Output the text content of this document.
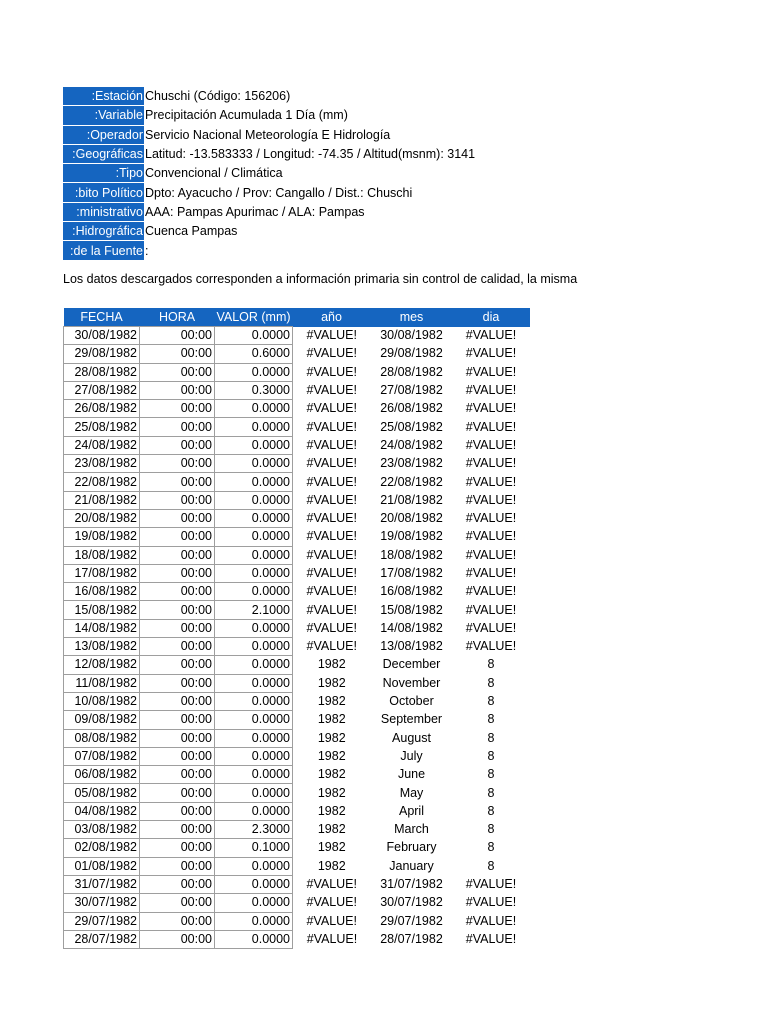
Estación:	Chuschi (Código: 156206)
Variable:	Precipitación Acumulada 1 Día (mm)
Operador:	Servicio Nacional Meteorología E Hidrología
Geográficas:	Latitud: -13.583333 / Longitud: -74.35 / Altitud(msnm): 3141
Tipo:	Convencional / Climática
bito Político:	Dpto: Ayacucho / Prov: Cangallo / Dist.: Chuschi
ministrativo:	AAA: Pampas Apurimac / ALA: Pampas
Hidrográfica:	Cuenca Pampas
de la Fuente:	:
Los datos descargados corresponden a información primaria sin control de calidad, la misma
FECHA	HORA	VALOR (mm)	año	mes	dia
30/08/1982	00:00	0.0000	#VALUE!	30/08/1982	#VALUE!
29/08/1982	00:00	0.6000	#VALUE!	29/08/1982	#VALUE!
28/08/1982	00:00	0.0000	#VALUE!	28/08/1982	#VALUE!
27/08/1982	00:00	0.3000	#VALUE!	27/08/1982	#VALUE!
26/08/1982	00:00	0.0000	#VALUE!	26/08/1982	#VALUE!
25/08/1982	00:00	0.0000	#VALUE!	25/08/1982	#VALUE!
24/08/1982	00:00	0.0000	#VALUE!	24/08/1982	#VALUE!
23/08/1982	00:00	0.0000	#VALUE!	23/08/1982	#VALUE!
22/08/1982	00:00	0.0000	#VALUE!	22/08/1982	#VALUE!
21/08/1982	00:00	0.0000	#VALUE!	21/08/1982	#VALUE!
20/08/1982	00:00	0.0000	#VALUE!	20/08/1982	#VALUE!
19/08/1982	00:00	0.0000	#VALUE!	19/08/1982	#VALUE!
18/08/1982	00:00	0.0000	#VALUE!	18/08/1982	#VALUE!
17/08/1982	00:00	0.0000	#VALUE!	17/08/1982	#VALUE!
16/08/1982	00:00	0.0000	#VALUE!	16/08/1982	#VALUE!
15/08/1982	00:00	2.1000	#VALUE!	15/08/1982	#VALUE!
14/08/1982	00:00	0.0000	#VALUE!	14/08/1982	#VALUE!
13/08/1982	00:00	0.0000	#VALUE!	13/08/1982	#VALUE!
12/08/1982	00:00	0.0000	1982	December	8
11/08/1982	00:00	0.0000	1982	November	8
10/08/1982	00:00	0.0000	1982	October	8
09/08/1982	00:00	0.0000	1982	September	8
08/08/1982	00:00	0.0000	1982	August	8
07/08/1982	00:00	0.0000	1982	July	8
06/08/1982	00:00	0.0000	1982	June	8
05/08/1982	00:00	0.0000	1982	May	8
04/08/1982	00:00	0.0000	1982	April	8
03/08/1982	00:00	2.3000	1982	March	8
02/08/1982	00:00	0.1000	1982	February	8
01/08/1982	00:00	0.0000	1982	January	8
31/07/1982	00:00	0.0000	#VALUE!	31/07/1982	#VALUE!
30/07/1982	00:00	0.0000	#VALUE!	30/07/1982	#VALUE!
29/07/1982	00:00	0.0000	#VALUE!	29/07/1982	#VALUE!
28/07/1982	00:00	0.0000	#VALUE!	28/07/1982	#VALUE!
